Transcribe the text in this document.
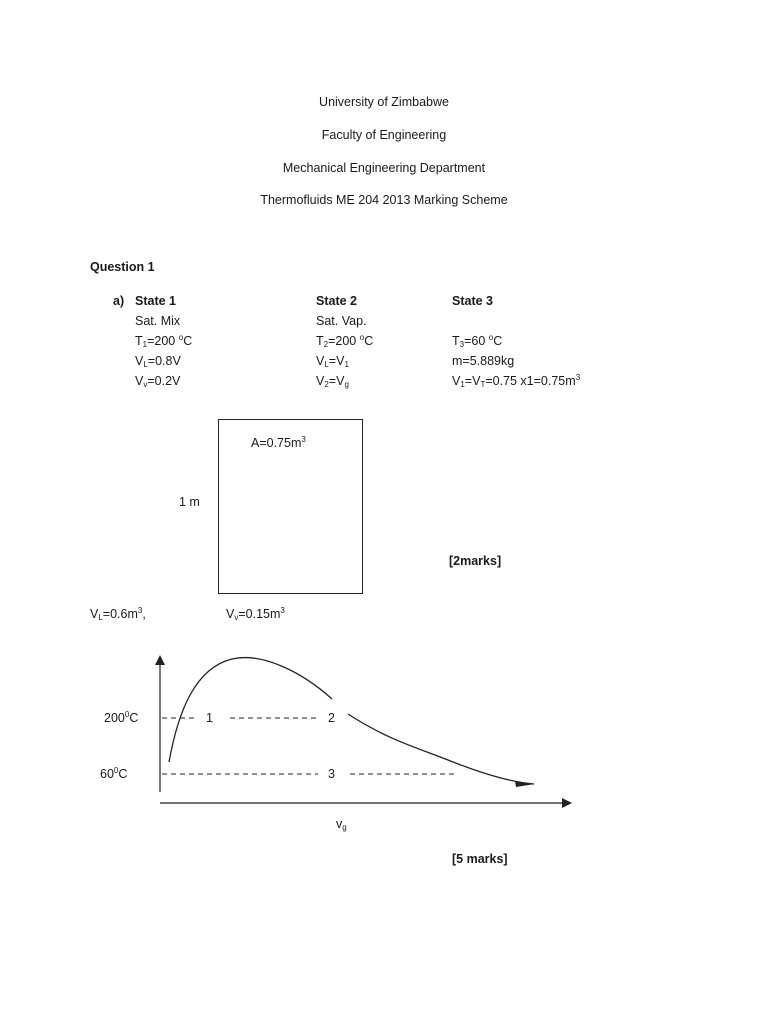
University of Zimbabwe
Faculty of Engineering
Mechanical Engineering Department
Thermofluids ME 204 2013 Marking Scheme
Question 1
a) State 1
Sat. Mix
$T_1=200$ $^o$C
$V_L=0.8V$
$V_v=0.2V$
State 2
Sat. Vap.
$T_2=200$ $^o$C
$V_L=V_1$
$V_2=V_g$
State 3
$T_3=60$ $^o$C
m=5.889kg
$V_1=V_T=0.75$ $x1=0.75m^3$
$A=0.75m^3$
1 m
[2marks]
$V_L=0.6m^3$,	$V_v=0.15m^3$
$200^0C$
$60^0C$
1	2
3
$v_g$
[5 marks]
